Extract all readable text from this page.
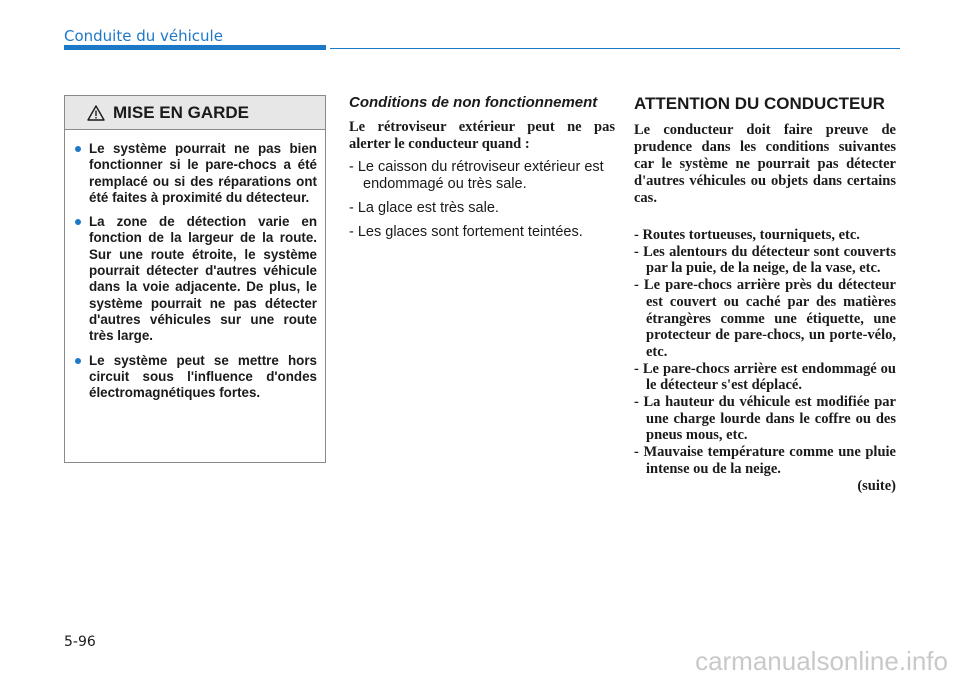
Conduite du véhicule
MISE EN GARDE
Le système pourrait ne pas bien fonctionner si le pare-chocs a été remplacé ou si des réparations ont été faites à proximité du détecteur.
La zone de détection varie en fonction de la largeur de la route. Sur une route étroite, le système pourrait détecter d'autres véhicule dans la voie adjacente. De plus, le système pourrait ne pas détecter d'autres véhicules sur une route très large.
Le système peut se mettre hors circuit sous l'influence d'ondes électromagnétiques fortes.
Conditions de non fonctionnement

Le rétroviseur extérieur peut ne pas alerter le conducteur quand :

- Le caisson du rétroviseur extérieur est endommagé ou très sale.
- La glace est très sale.
- Les glaces sont fortement teintées.
ATTENTION DU CONDUCTEUR

Le conducteur doit faire preuve de prudence dans les conditions suivantes car le système ne pourrait pas détecter d'autres véhicules ou objets dans certains cas.

- Routes tortueuses, tourniquets, etc.
- Les alentours du détecteur sont couverts par la puie, de la neige, de la vase, etc.
- Le pare-chocs arrière près du détecteur est couvert ou caché par des matières étrangères comme une étiquette, une protecteur de pare-chocs, un porte-vélo, etc.
- Le pare-chocs arrière est endommagé ou le détecteur s'est déplacé.
- La hauteur du véhicule est modifiée par une charge lourde dans le coffre ou des pneus mous, etc.
- Mauvaise température comme une pluie intense ou de la neige.
(suite)
5-96
carmanualsonline.info
